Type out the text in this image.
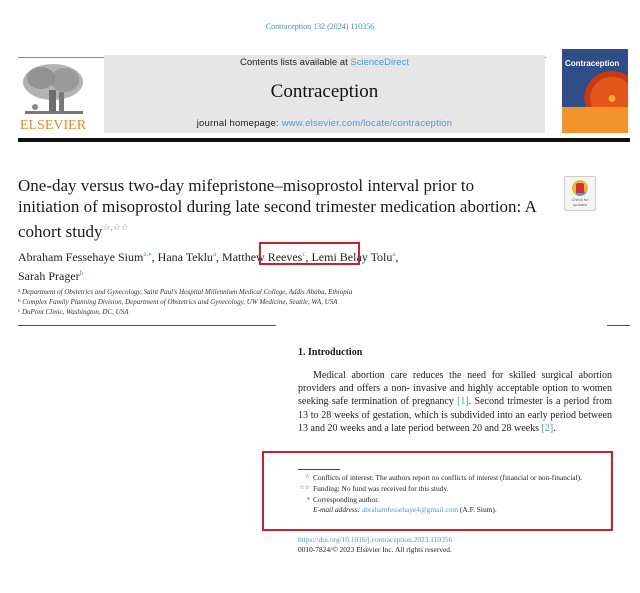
Contraception 132 (2024) 110356
ELSEVIER
Contents lists available at ScienceDirect
Contraception
journal homepage: www.elsevier.com/locate/contraception
Contraception
One-day versus two-day mifepristone–misoprostol interval prior to initiation of misoprostol during late second trimester medication abortion: A cohort study☆,☆☆
Check for
updates
Abraham Fessehaye Sium$^{a,⁎}$, Hana Teklu$^a$, Matthew Reeves$^c$, Lemi Belay Tolu$^a$,
Sarah Prager$^b$
$^a$ Department of Obstetrics and Gynecology, Saint Paul's Hospital Millennium Medical College, Addis Ababa, Ethiopia
$^b$ Complex Family Planning Division, Department of Obstetrics and Gynecology, UW Medicine, Seattle, WA, USA
$^c$ DuPont Clinic, Washington, DC, USA
1. Introduction
Medical abortion care reduces the need for skilled surgical abortion providers and offers a non- invasive and highly acceptable option to women seeking safe termination of pregnancy [1]. Second trimester is a period from 13 to 28 weeks of gestation, which is subdivided into an early period between 13 and 20 weeks and a late period between 20 and 28 weeks [2].
☆ Conflicts of interest: The authors report no conflicts of interest (financial or non-financial).
☆☆ Funding: No fund was received for this study.
⁎ Corresponding author.
E-mail address: abrahamfessehaye4@gmail.com (A.F. Sium).
https://doi.org/10.1016/j.contraception.2023.110356
0010-7824/© 2023 Elsevier Inc. All rights reserved.
